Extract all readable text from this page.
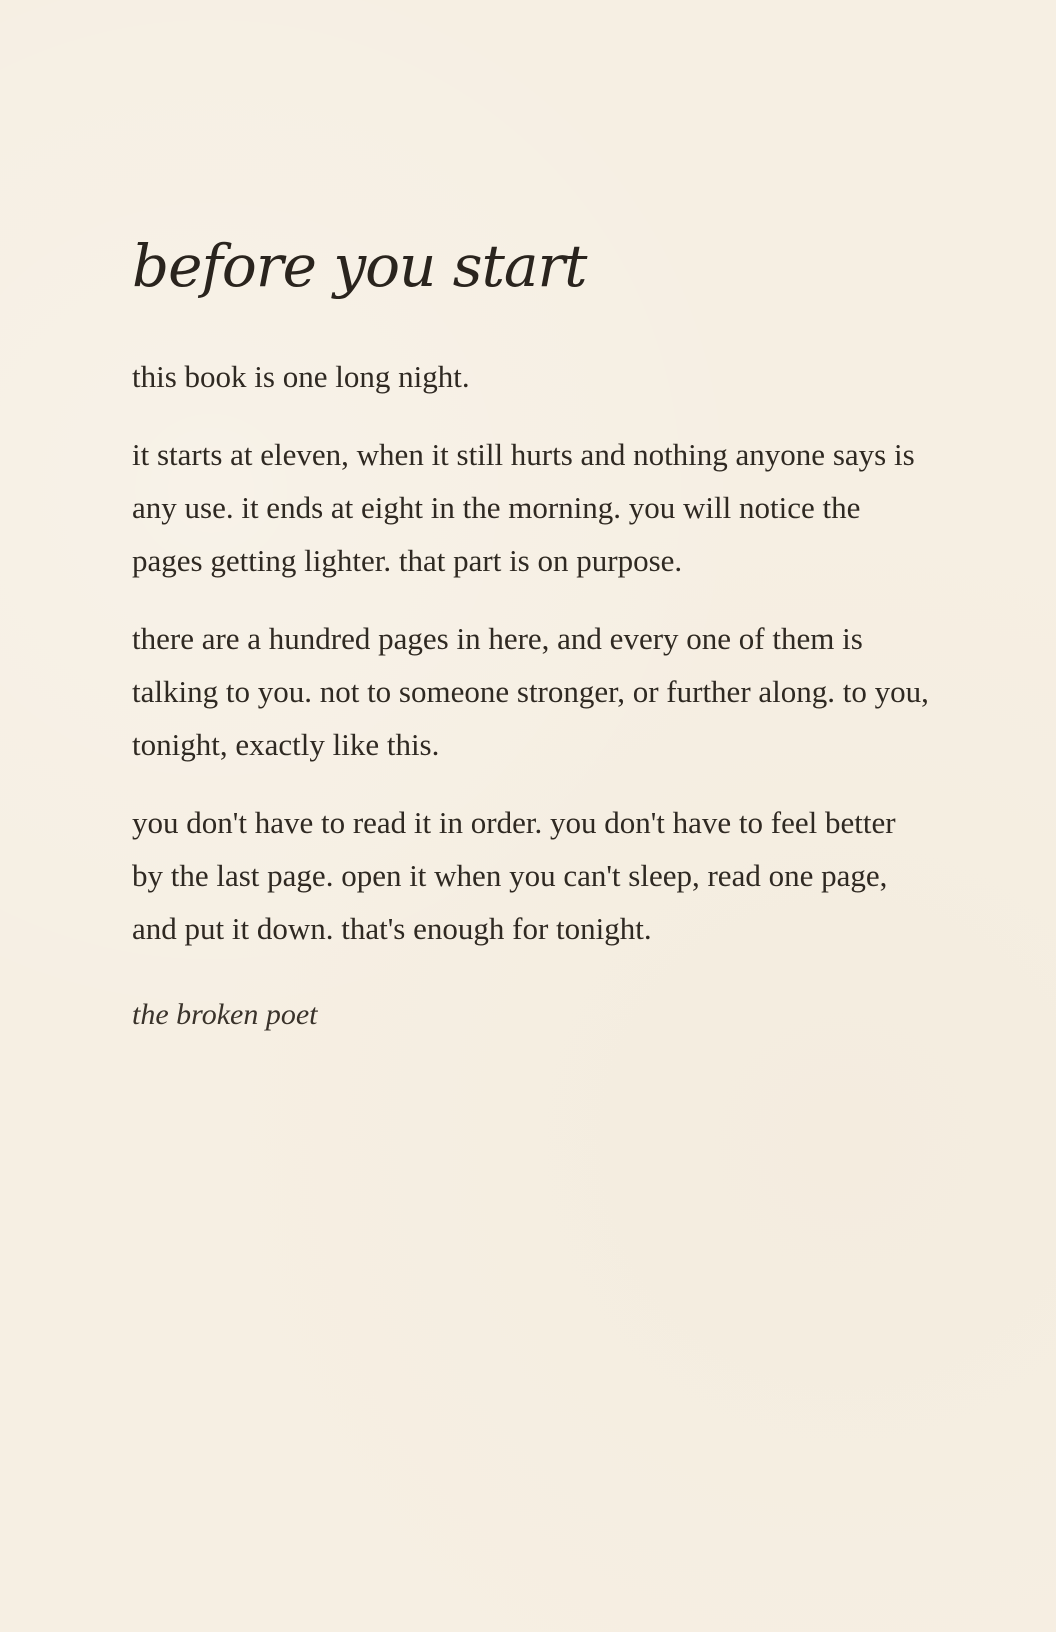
before you start

this book is one long night.

it starts at eleven, when it still hurts and nothing anyone says is any use. it ends at eight in the morning. you will notice the pages getting lighter. that part is on purpose.

there are a hundred pages in here, and every one of them is talking to you. not to someone stronger, or further along. to you, tonight, exactly like this.

you don't have to read it in order. you don't have to feel better by the last page. open it when you can't sleep, read one page, and put it down. that's enough for tonight.

the broken poet
